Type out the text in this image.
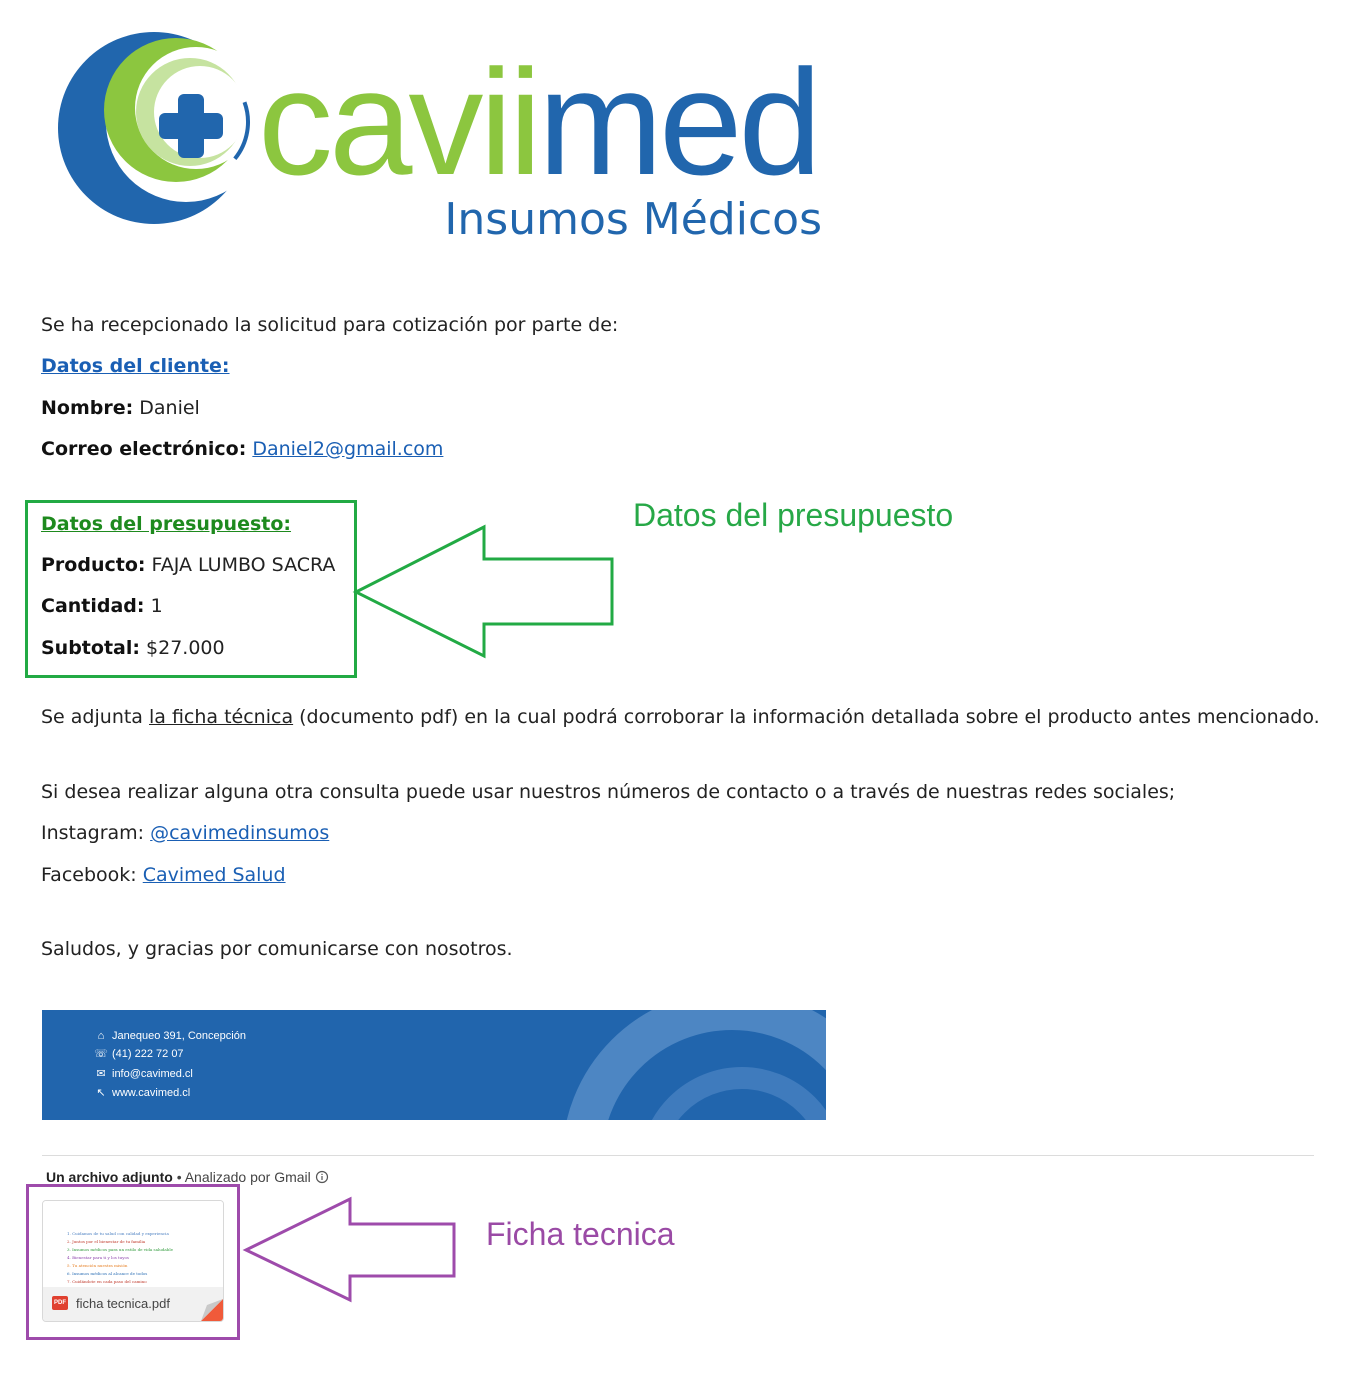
caviimed
Insumos Médicos
Se ha recepcionado la solicitud para cotización por parte de:
Datos del cliente:
Nombre: Daniel
Correo electrónico: Daniel2@gmail.com
Datos del presupuesto:
Producto: FAJA LUMBO SACRA
Cantidad: 1
Subtotal: $27.000
Datos del presupuesto
Se adjunta la ficha técnica (documento pdf) en la cual podrá corroborar la información detallada sobre el producto antes mencionado.
Si desea realizar alguna otra consulta puede usar nuestros números de contacto o a través de nuestras redes sociales;
Instagram: @cavimedinsumos
Facebook: Cavimed Salud
Saludos, y gracias por comunicarse con nosotros.
⌂ Janequeo 391, Concepción
☏ (41) 222 72 07
✉ info@cavimed.cl
↖ www.cavimed.cl
Un archivo adjunto • Analizado por Gmail
1. Cuidamos de tu salud con calidad y experiencia
2. Juntos por el bienestar de tu familia
3. Insumos médicos para un estilo de vida saludable
4. Bienestar para ti y los tuyos
5. Tu atención nuestra misión
6. Insumos médicos al alcance de todos
7. Cuidándote en cada paso del camino
PDF ficha tecnica.pdf
Ficha tecnica
